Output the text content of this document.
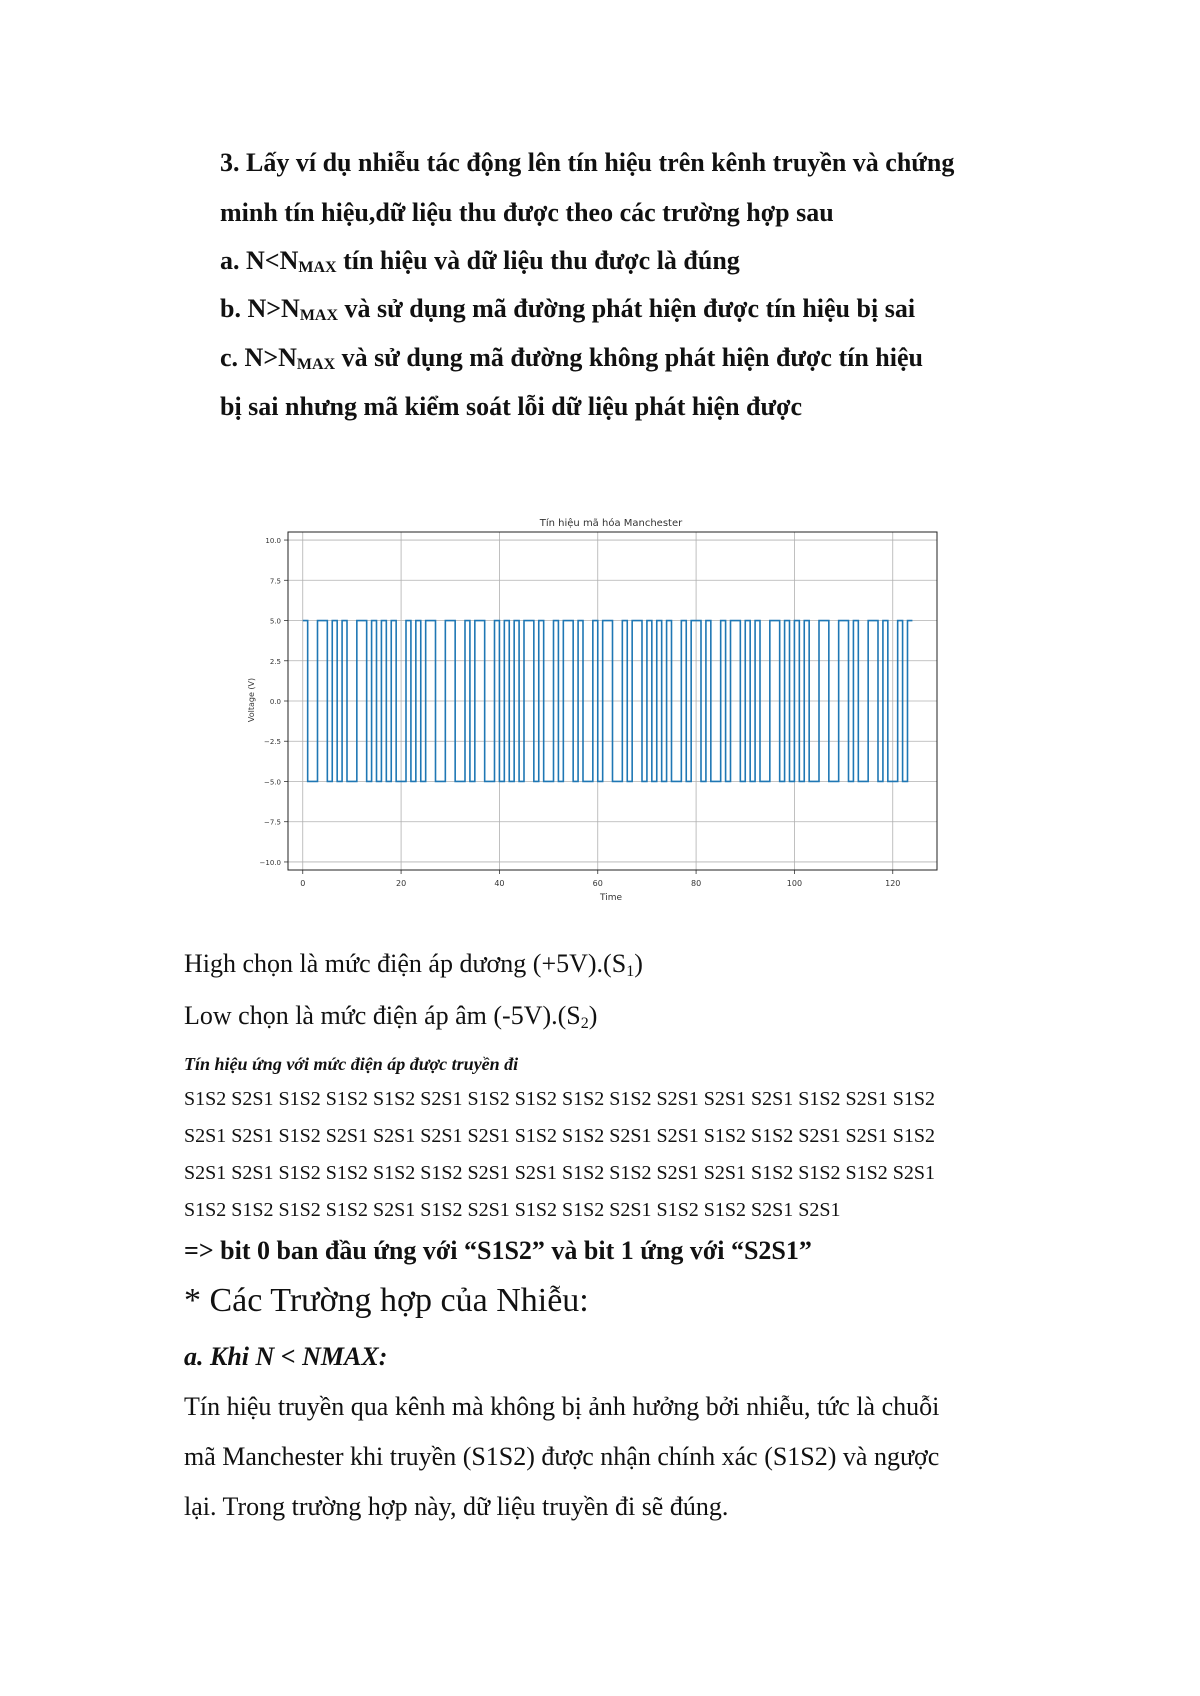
3. Lấy ví dụ nhiễu tác động lên tín hiệu trên kênh truyền và chứng
minh tín hiệu,dữ liệu thu được theo các trường hợp sau
a. $N<N_{MAX}$ tín hiệu và dữ liệu thu được là đúng
b. $N>N_{MAX}$ và sử dụng mã đường phát hiện được tín hiệu bị sai
c. $N>N_{MAX}$ và sử dụng mã đường không phát hiện được tín hiệu
bị sai nhưng mã kiểm soát lỗi dữ liệu phát hiện được
0	20	40	60	80	100	120
10.0
7.5
5.0
2.5
0.0
−2.5
−5.0
−7.5
−10.0
Tín hiệu mã hóa Manchester
Time
Voltage (V)
High chọn là mức điện áp dương $(+5V).(S_1)$
Low chọn là mức điện áp âm $(-5V).(S_2)$
Tín hiệu ứng với mức điện áp được truyền đi
S1S2 S2S1 S1S2 S1S2 S1S2 S2S1 S1S2 S1S2 S1S2 S1S2 S2S1 S2S1 S2S1 S1S2 S2S1 S1S2
S2S1 S2S1 S1S2 S2S1 S2S1 S2S1 S2S1 S1S2 S1S2 S2S1 S2S1 S1S2 S1S2 S2S1 S2S1 S1S2
S2S1 S2S1 S1S2 S1S2 S1S2 S1S2 S2S1 S2S1 S1S2 S1S2 S2S1 S2S1 S1S2 S1S2 S1S2 S2S1
S1S2 S1S2 S1S2 S1S2 S2S1 S1S2 S2S1 S1S2 S1S2 S2S1 S1S2 S1S2 S2S1 S2S1
=> bit 0 ban đầu ứng với “S1S2” và bit 1 ứng với “S2S1”
* Các Trường hợp của Nhiễu:
a. Khi N < NMAX:
Tín hiệu truyền qua kênh mà không bị ảnh hưởng bởi nhiễu, tức là chuỗi
mã Manchester khi truyền (S1S2) được nhận chính xác (S1S2) và ngược
lại. Trong trường hợp này, dữ liệu truyền đi sẽ đúng.
